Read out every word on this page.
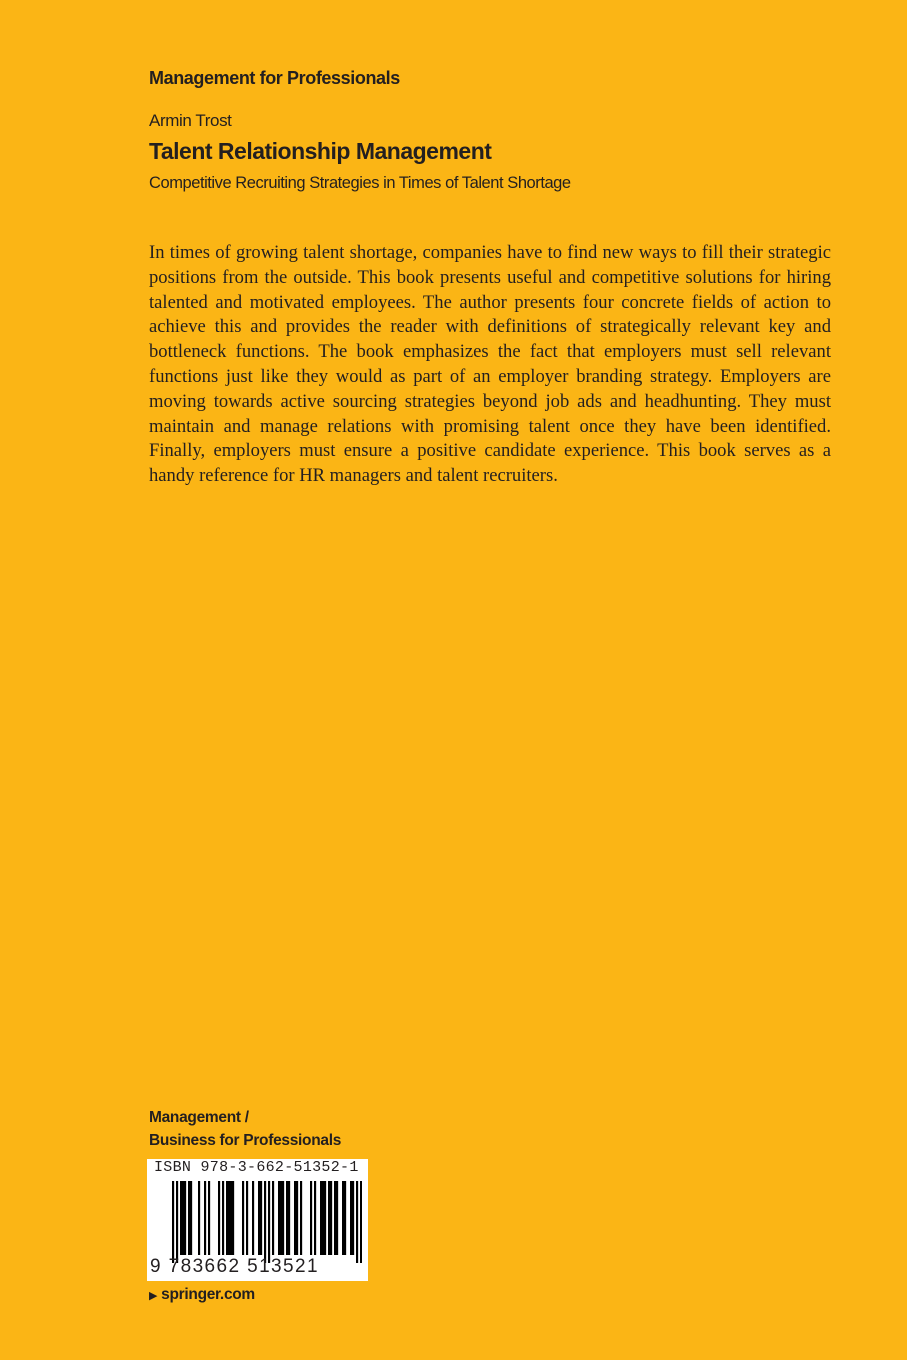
Management for Professionals
Armin Trost
Talent Relationship Management
Competitive Recruiting Strategies in Times of Talent Shortage

In times of growing talent shortage, companies have to find new ways to fill their strategic positions from the outside. This book presents useful and competitive solutions for hiring talented and motivated employees. The author presents four concrete fields of action to achieve this and provides the reader with definitions of strategically relevant key and bottleneck functions. The book emphasizes the fact that employers must sell relevant functions just like they would as part of an employer branding strategy. Employers are moving towards active sourcing strategies beyond job ads and headhunting. They must maintain and manage relations with promising talent once they have been identified. Finally, employers must ensure a positive candidate experience. This book serves as a handy reference for HR managers and talent recruiters.

Management /
Business for Professionals
ISBN 978-3-662-51352-1
9 783662 513521
▶ springer.com
